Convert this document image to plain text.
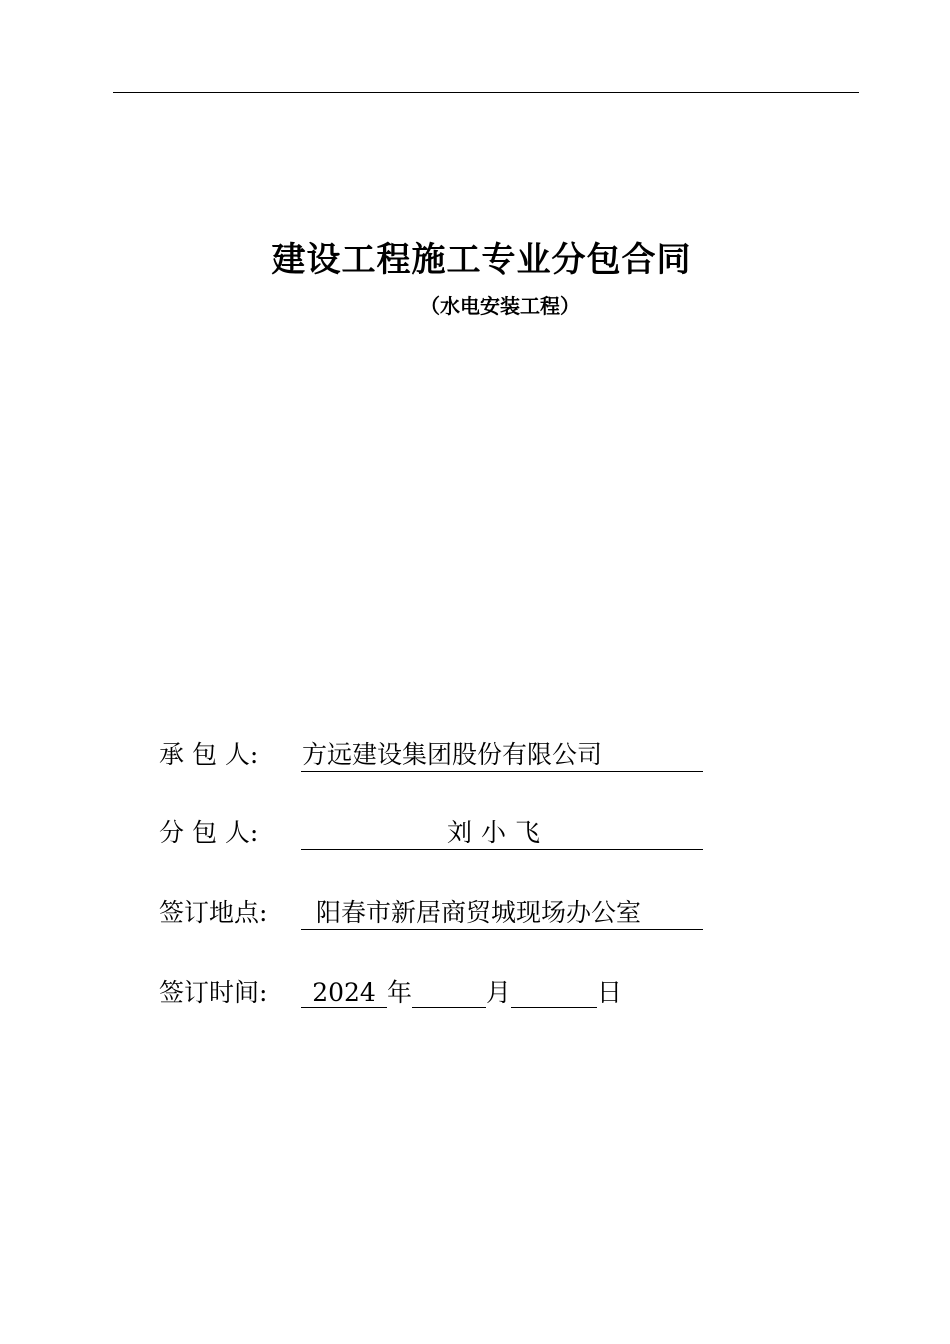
建设工程施工专业分包合同
（水电安装工程）
承 包 人: 方远建设集团股份有限公司
分 包 人:	刘小飞
签订地点:	阳春市新居商贸城现场办公室
签订时间:	2024 年	月	日
